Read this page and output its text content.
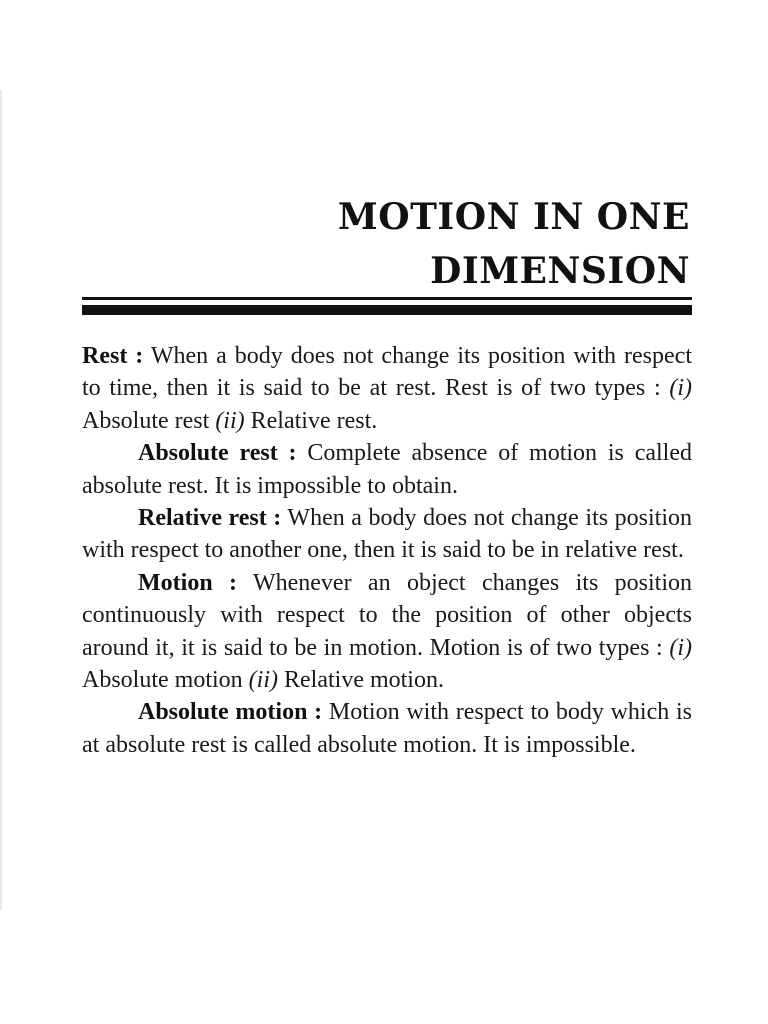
MOTION IN ONE
DIMENSION

Rest : When a body does not change its position with respect to time, then it is said to be at rest. Rest is of two types : (i) Absolute rest (ii) Relative rest.

Absolute rest : Complete absence of motion is called absolute rest. It is impossible to obtain.

Relative rest : When a body does not change its position with respect to another one, then it is said to be in relative rest.

Motion : Whenever an object changes its position continuously with respect to the position of other objects around it, it is said to be in motion. Motion is of two types : (i) Absolute motion (ii) Relative motion.

Absolute motion : Motion with respect to body which is at absolute rest is called absolute motion. It is impossible.
